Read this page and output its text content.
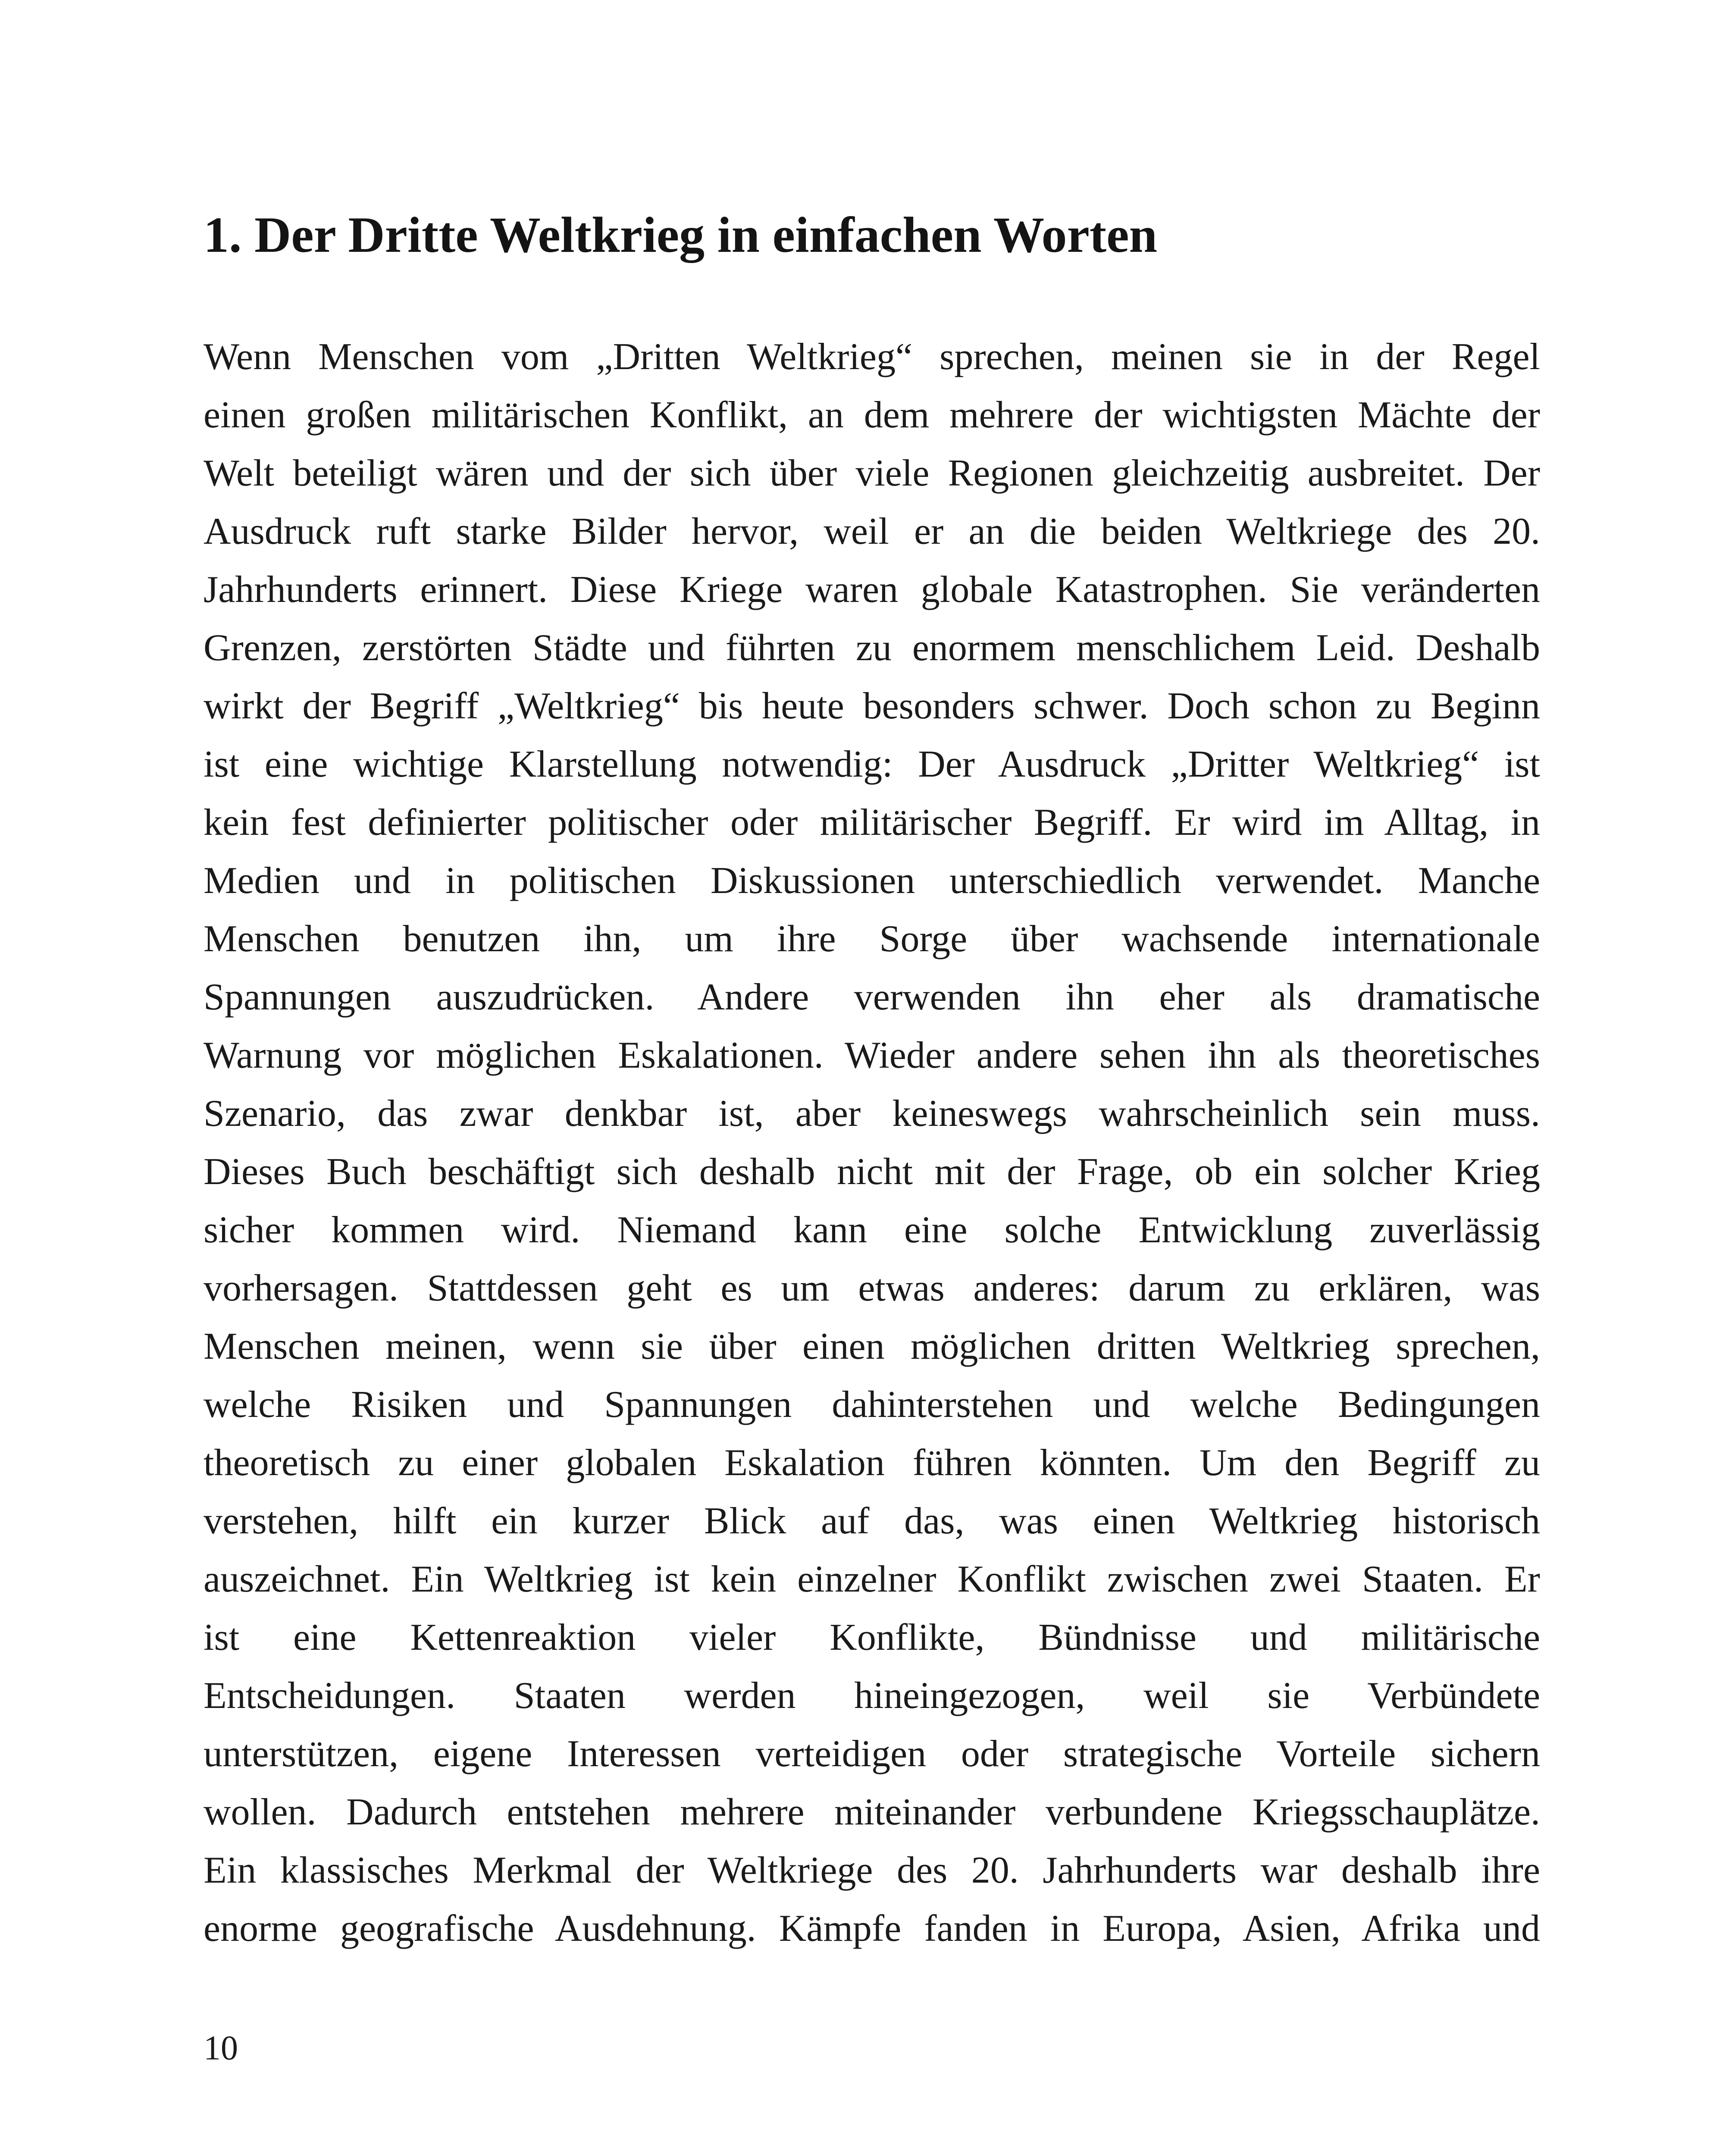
1. Der Dritte Weltkrieg in einfachen Worten
Wenn Menschen vom „Dritten Weltkrieg“ sprechen, meinen sie in der Regel
einen großen militärischen Konflikt, an dem mehrere der wichtigsten Mächte der
Welt beteiligt wären und der sich über viele Regionen gleichzeitig ausbreitet. Der
Ausdruck ruft starke Bilder hervor, weil er an die beiden Weltkriege des 20.
Jahrhunderts erinnert. Diese Kriege waren globale Katastrophen. Sie veränderten
Grenzen, zerstörten Städte und führten zu enormem menschlichem Leid. Deshalb
wirkt der Begriff „Weltkrieg“ bis heute besonders schwer. Doch schon zu Beginn
ist eine wichtige Klarstellung notwendig: Der Ausdruck „Dritter Weltkrieg“ ist
kein fest definierter politischer oder militärischer Begriff. Er wird im Alltag, in
Medien und in politischen Diskussionen unterschiedlich verwendet. Manche
Menschen benutzen ihn, um ihre Sorge über wachsende internationale
Spannungen auszudrücken. Andere verwenden ihn eher als dramatische
Warnung vor möglichen Eskalationen. Wieder andere sehen ihn als theoretisches
Szenario, das zwar denkbar ist, aber keineswegs wahrscheinlich sein muss.
Dieses Buch beschäftigt sich deshalb nicht mit der Frage, ob ein solcher Krieg
sicher kommen wird. Niemand kann eine solche Entwicklung zuverlässig
vorhersagen. Stattdessen geht es um etwas anderes: darum zu erklären, was
Menschen meinen, wenn sie über einen möglichen dritten Weltkrieg sprechen,
welche Risiken und Spannungen dahinterstehen und welche Bedingungen
theoretisch zu einer globalen Eskalation führen könnten. Um den Begriff zu
verstehen, hilft ein kurzer Blick auf das, was einen Weltkrieg historisch
auszeichnet. Ein Weltkrieg ist kein einzelner Konflikt zwischen zwei Staaten. Er
ist eine Kettenreaktion vieler Konflikte, Bündnisse und militärische
Entscheidungen. Staaten werden hineingezogen, weil sie Verbündete
unterstützen, eigene Interessen verteidigen oder strategische Vorteile sichern
wollen. Dadurch entstehen mehrere miteinander verbundene Kriegsschauplätze.
Ein klassisches Merkmal der Weltkriege des 20. Jahrhunderts war deshalb ihre
enorme geografische Ausdehnung. Kämpfe fanden in Europa, Asien, Afrika und

10
